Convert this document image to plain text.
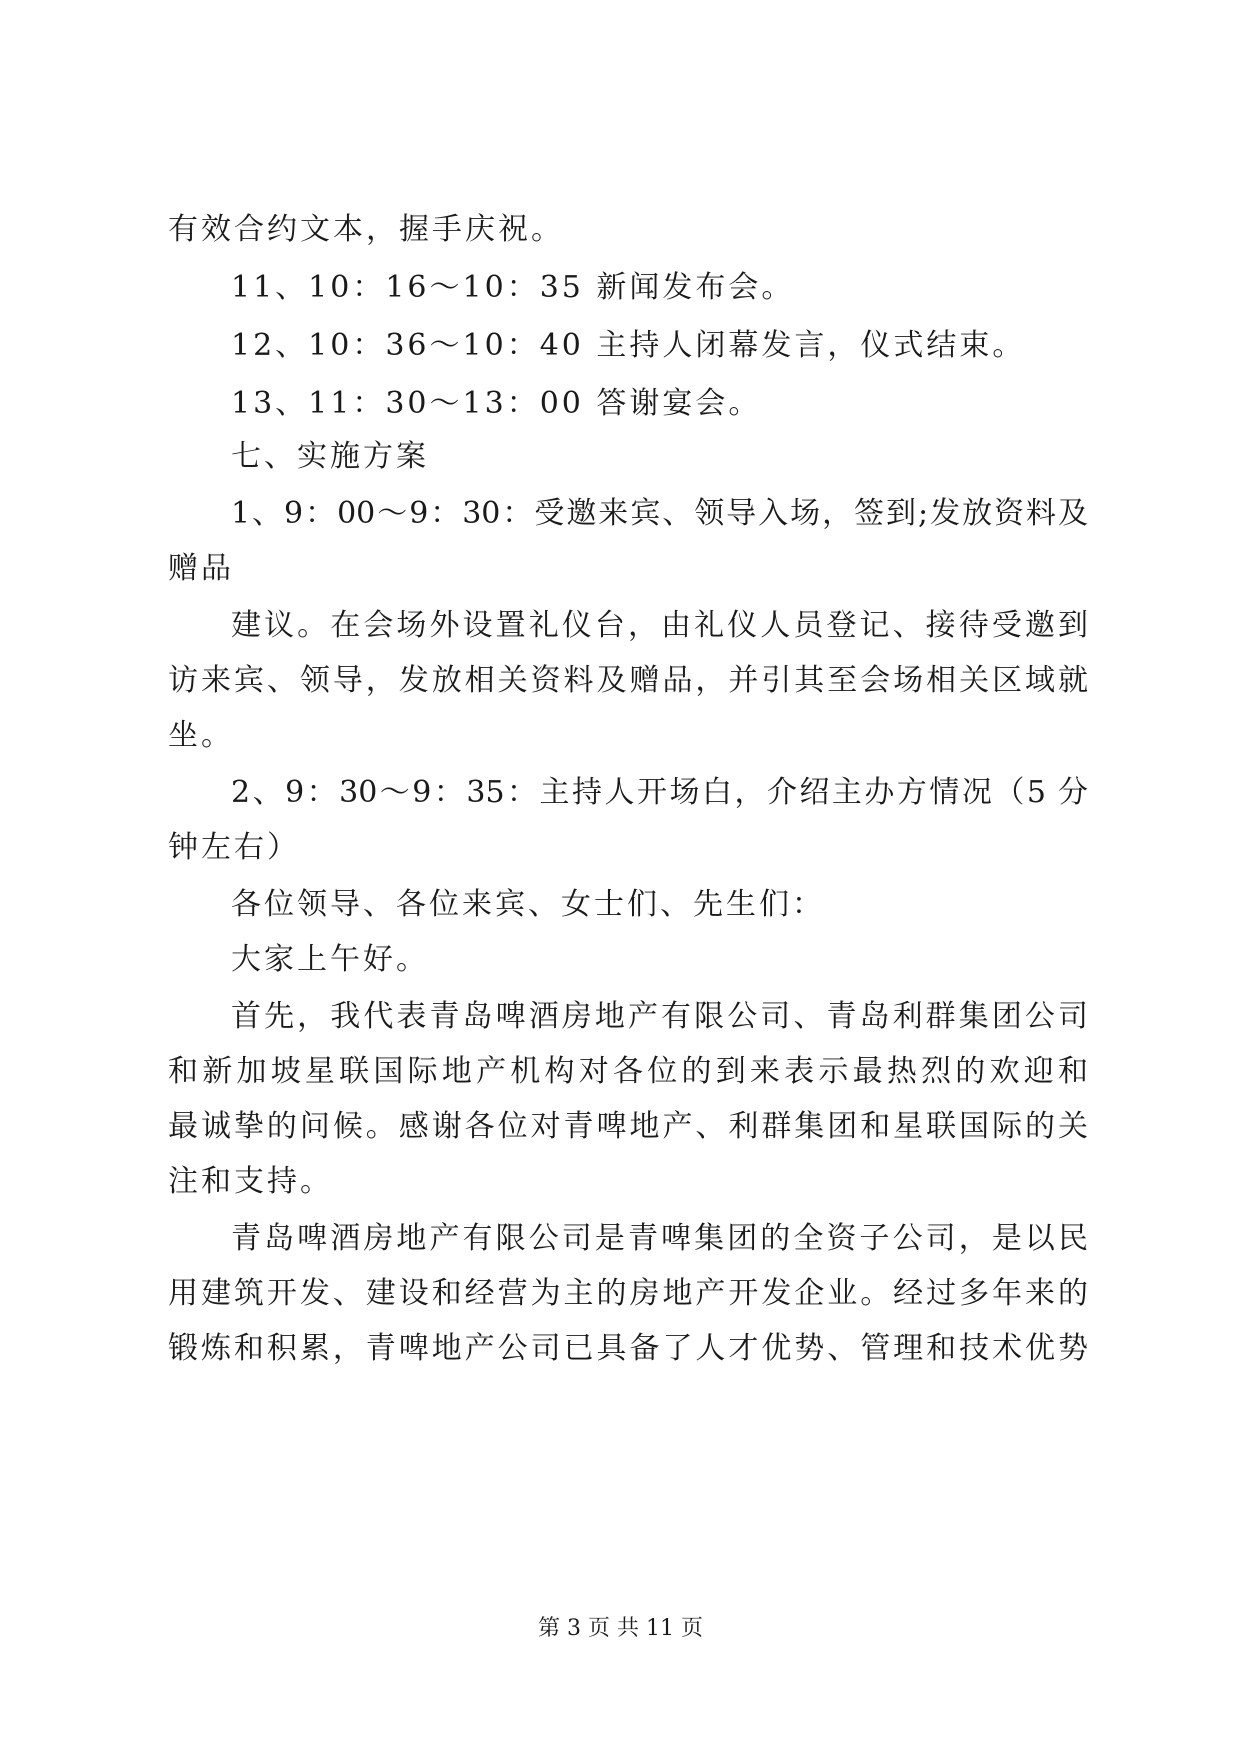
有效合约文本，握手庆祝。
11、10：16～10：35 新闻发布会。
12、10：36～10：40 主持人闭幕发言，仪式结束。
13、11：30～13：00 答谢宴会。
七、实施方案
1、9：00～9：30：受邀来宾、领导入场，签到;发放资料及
赠品
建议。在会场外设置礼仪台，由礼仪人员登记、接待受邀到
访来宾、领导，发放相关资料及赠品，并引其至会场相关区域就
坐。
2、9：30～9：35：主持人开场白，介绍主办方情况（5 分
钟左右）
各位领导、各位来宾、女士们、先生们：
大家上午好。
首先，我代表青岛啤酒房地产有限公司、青岛利群集团公司
和新加坡星联国际地产机构对各位的到来表示最热烈的欢迎和
最诚挚的问候。感谢各位对青啤地产、利群集团和星联国际的关
注和支持。
青岛啤酒房地产有限公司是青啤集团的全资子公司，是以民
用建筑开发、建设和经营为主的房地产开发企业。经过多年来的
锻炼和积累，青啤地产公司已具备了人才优势、管理和技术优势
第 3 页 共 11 页
